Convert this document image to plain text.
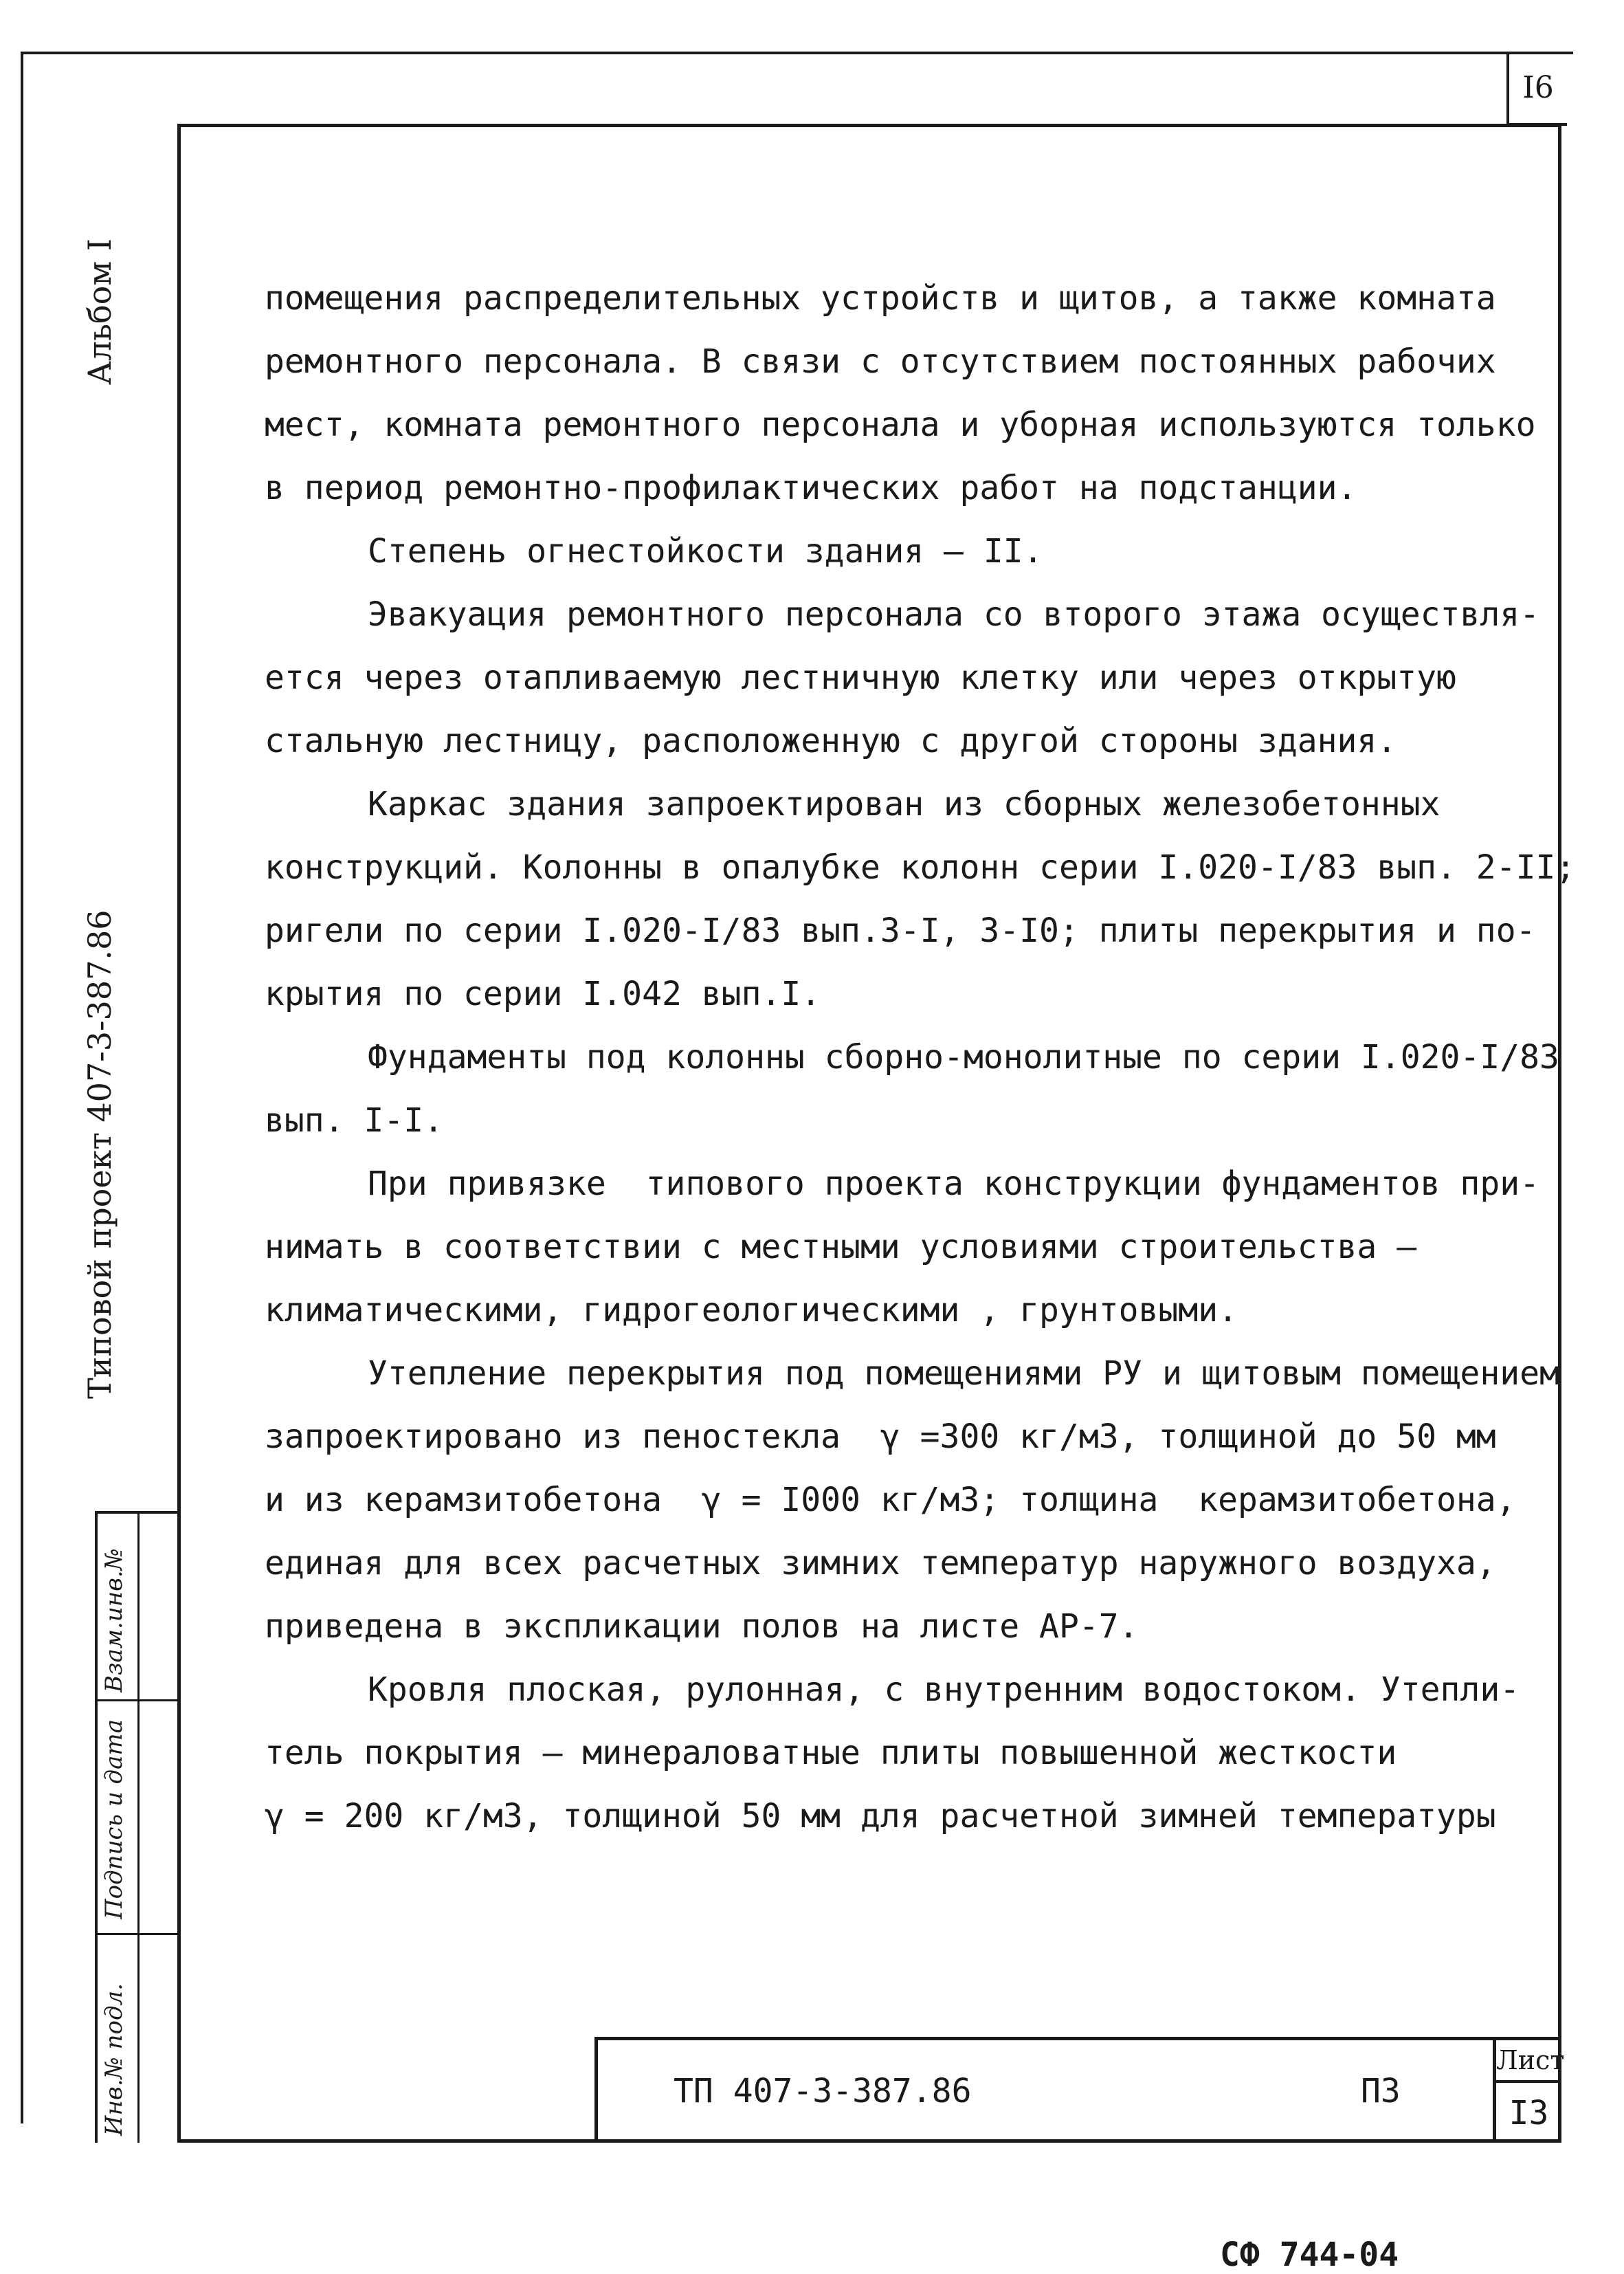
I6
Альбом I
Типовой проект 407-3-387.86
Инв.№ подл.
Подпись и дата
Взам.инв.№

помещения распределительных устройств и щитов, а также комната

ремонтного персонала. В связи с отсутствием постоянных рабочих

мест, комната ремонтного персонала и уборная используются только

в период ремонтно-профилактических работ на подстанции.

Степень огнестойкости здания – II.

Эвакуация ремонтного персонала со второго этажа осуществля-

ется через отапливаемую лестничную клетку или через открытую

стальную лестницу, расположенную с другой стороны здания.

Каркас здания запроектирован из сборных железобетонных

конструкций. Колонны в опалубке колонн серии I.020-I/83 вып. 2-II;

ригели по серии I.020-I/83 вып.3-I, 3-I0; плиты перекрытия и по-

крытия по серии I.042 вып.I.

Фундаменты под колонны сборно-монолитные по серии I.020-I/83

вып. I-I.

При привязке  типового проекта конструкции фундаментов при-

нимать в соответствии с местными условиями строительства –

климатическими, гидрогеологическими , грунтовыми.

Утепление перекрытия под помещениями РУ и щитовым помещением

запроектировано из пеностекла  γ =300 кг/м3, толщиной до 50 мм

и из керамзитобетона  γ = I000 кг/м3; толщина  керамзитобетона,

единая для всех расчетных зимних температур наружного воздуха,

приведена в экспликации полов на листе АР-7.

Кровля плоская, рулонная, с внутренним водостоком. Утепли-

тель покрытия – минераловатные плиты повышенной жесткости

γ = 200 кг/м3, толщиной 50 мм для расчетной зимней температуры

ТП 407-3-387.86	ПЗ
Лист
I3
СФ 744-04
